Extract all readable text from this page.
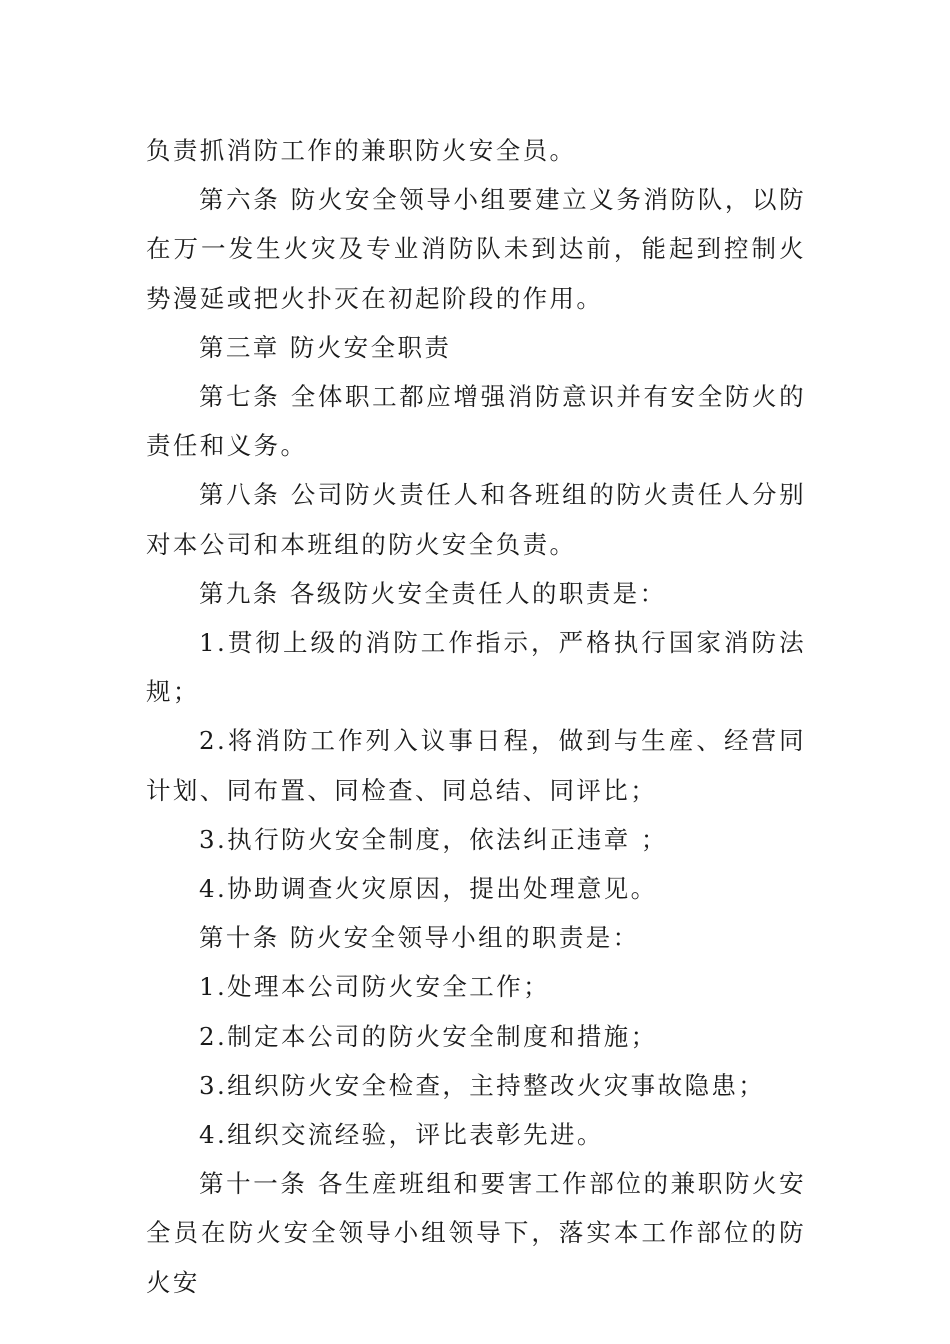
负责抓消防工作的兼职防火安全员。

第六条 防火安全领导小组要建立义务消防队，以防在万一发生火灾及专业消防队未到达前，能起到控制火势漫延或把火扑灭在初起阶段的作用。

第三章 防火安全职责

第七条 全体职工都应增强消防意识并有安全防火的责任和义务。

第八条 公司防火责任人和各班组的防火责任人分别对本公司和本班组的防火安全负责。

第九条 各级防火安全责任人的职责是：

1.贯彻上级的消防工作指示，严格执行国家消防法规；

2.将消防工作列入议事日程，做到与生産、经营同计划、同布置、同检查、同总结、同评比；

3.执行防火安全制度，依法纠正违章 ；

4.协助调查火灾原因，提出处理意见。

第十条 防火安全领导小组的职责是：

1.处理本公司防火安全工作；

2.制定本公司的防火安全制度和措施；

3.组织防火安全检查，主持整改火灾事故隐患；

4.组织交流经验，评比表彰先进。

第十一条 各生産班组和要害工作部位的兼职防火安全员在防火安全领导小组领导下，落实本工作部位的防火安
